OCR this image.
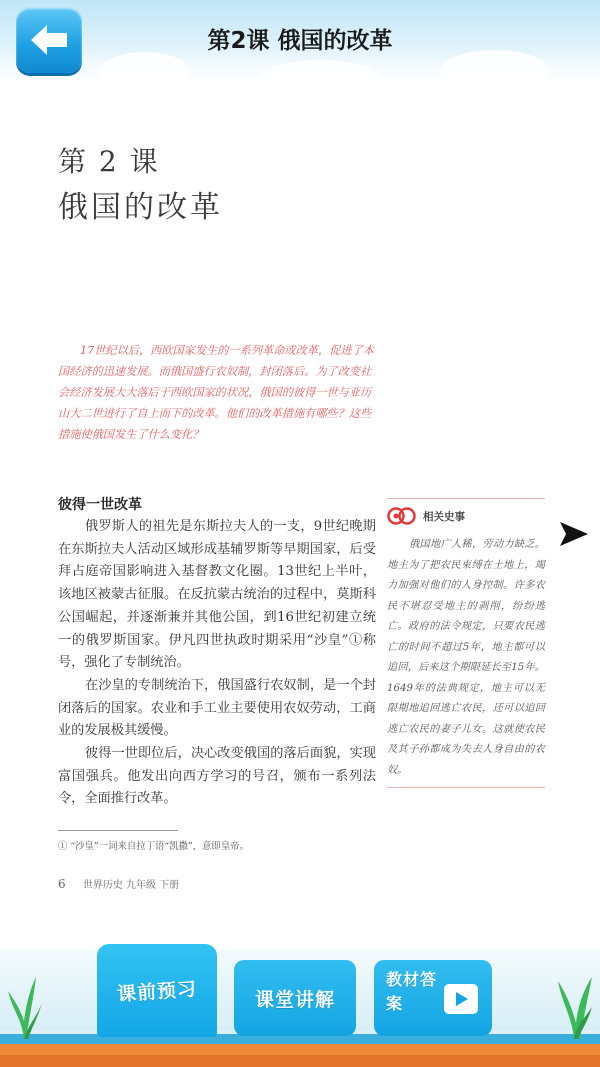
第2课 俄国的改革
第 2 课
俄国的改革
17世纪以后，西欧国家发生的一系列革命或改革，促进了本国经济的迅速发展。而俄国盛行农奴制，封闭落后。为了改变社会经济发展大大落后于西欧国家的状况，俄国的彼得一世与亚历山大二世进行了自上而下的改革。他们的改革措施有哪些？这些措施使俄国发生了什么变化？
彼得一世改革

俄罗斯人的祖先是东斯拉夫人的一支，9世纪晚期在东斯拉夫人活动区域形成基辅罗斯等早期国家，后受拜占庭帝国影响进入基督教文化圈。13世纪上半叶，该地区被蒙古征服。在反抗蒙古统治的过程中，莫斯科公国崛起，并逐渐兼并其他公国，到16世纪初建立统一的俄罗斯国家。伊凡四世执政时期采用“沙皇”①称号，强化了专制统治。

在沙皇的专制统治下，俄国盛行农奴制，是一个封闭落后的国家。农业和手工业主要使用农奴劳动，工商业的发展极其缓慢。

彼得一世即位后，决心改变俄国的落后面貌，实现富国强兵。他发出向西方学习的号召，颁布一系列法令，全面推行改革。

① “沙皇”一词来自拉丁语“凯撒”，意即皇帝。
6 世界历史 九年级 下册
相关史事
俄国地广人稀，劳动力缺乏。地主为了把农民束缚在土地上，竭力加强对他们的人身控制。许多农民不堪忍受地主的剥削，纷纷逃亡。政府的法令规定，只要农民逃亡的时间不超过5年，地主都可以追回，后来这个期限延长至15年。1649年的法典规定，地主可以无限期地追回逃亡农民，还可以追回逃亡农民的妻子儿女。这就使农民及其子孙都成为失去人身自由的农奴。
课前预习	课堂讲解
教材答案
